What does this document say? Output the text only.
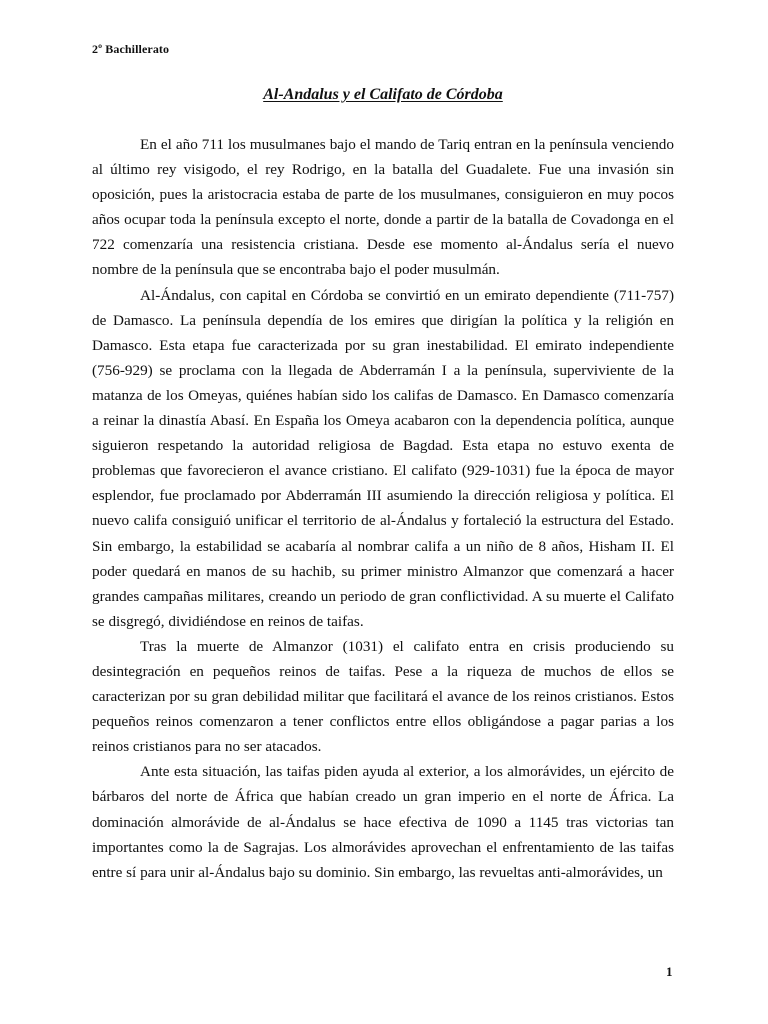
2º Bachillerato
Al-Andalus y el Califato de Córdoba

En el año 711 los musulmanes bajo el mando de Tariq entran en la península venciendo al último rey visigodo, el rey Rodrigo, en la batalla del Guadalete. Fue una invasión sin oposición, pues la aristocracia estaba de parte de los musulmanes, consiguieron en muy pocos años ocupar toda la península excepto el norte, donde a partir de la batalla de Covadonga en el 722 comenzaría una resistencia cristiana. Desde ese momento al-Ándalus sería el nuevo nombre de la península que se encontraba bajo el poder musulmán.

Al-Ándalus, con capital en Córdoba se convirtió en un emirato dependiente (711-757) de Damasco. La península dependía de los emires que dirigían la política y la religión en Damasco. Esta etapa fue caracterizada por su gran inestabilidad. El emirato independiente (756-929) se proclama con la llegada de Abderramán I a la península, superviviente de la matanza de los Omeyas, quiénes habían sido los califas de Damasco. En Damasco comenzaría a reinar la dinastía Abasí. En España los Omeya acabaron con la dependencia política, aunque siguieron respetando la autoridad religiosa de Bagdad. Esta etapa no estuvo exenta de problemas que favorecieron el avance cristiano. El califato (929-1031) fue la época de mayor esplendor, fue proclamado por Abderramán III asumiendo la dirección religiosa y política. El nuevo califa consiguió unificar el territorio de al-Ándalus y fortaleció la estructura del Estado. Sin embargo, la estabilidad se acabaría al nombrar califa a un niño de 8 años, Hisham II. El poder quedará en manos de su hachib, su primer ministro Almanzor que comenzará a hacer grandes campañas militares, creando un periodo de gran conflictividad. A su muerte el Califato se disgregó, dividiéndose en reinos de taifas.

Tras la muerte de Almanzor (1031) el califato entra en crisis produciendo su desintegración en pequeños reinos de taifas. Pese a la riqueza de muchos de ellos se caracterizan por su gran debilidad militar que facilitará el avance de los reinos cristianos. Estos pequeños reinos comenzaron a tener conflictos entre ellos obligándose a pagar parias a los reinos cristianos para no ser atacados.

Ante esta situación, las taifas piden ayuda al exterior, a los almorávides, un ejército de bárbaros del norte de África que habían creado un gran imperio en el norte de África. La dominación almorávide de al-Ándalus se hace efectiva de 1090 a 1145 tras victorias tan importantes como la de Sagrajas. Los almorávides aprovechan el enfrentamiento de las taifas entre sí para unir al-Ándalus bajo su dominio. Sin embargo, las revueltas anti-almorávides, un

1
